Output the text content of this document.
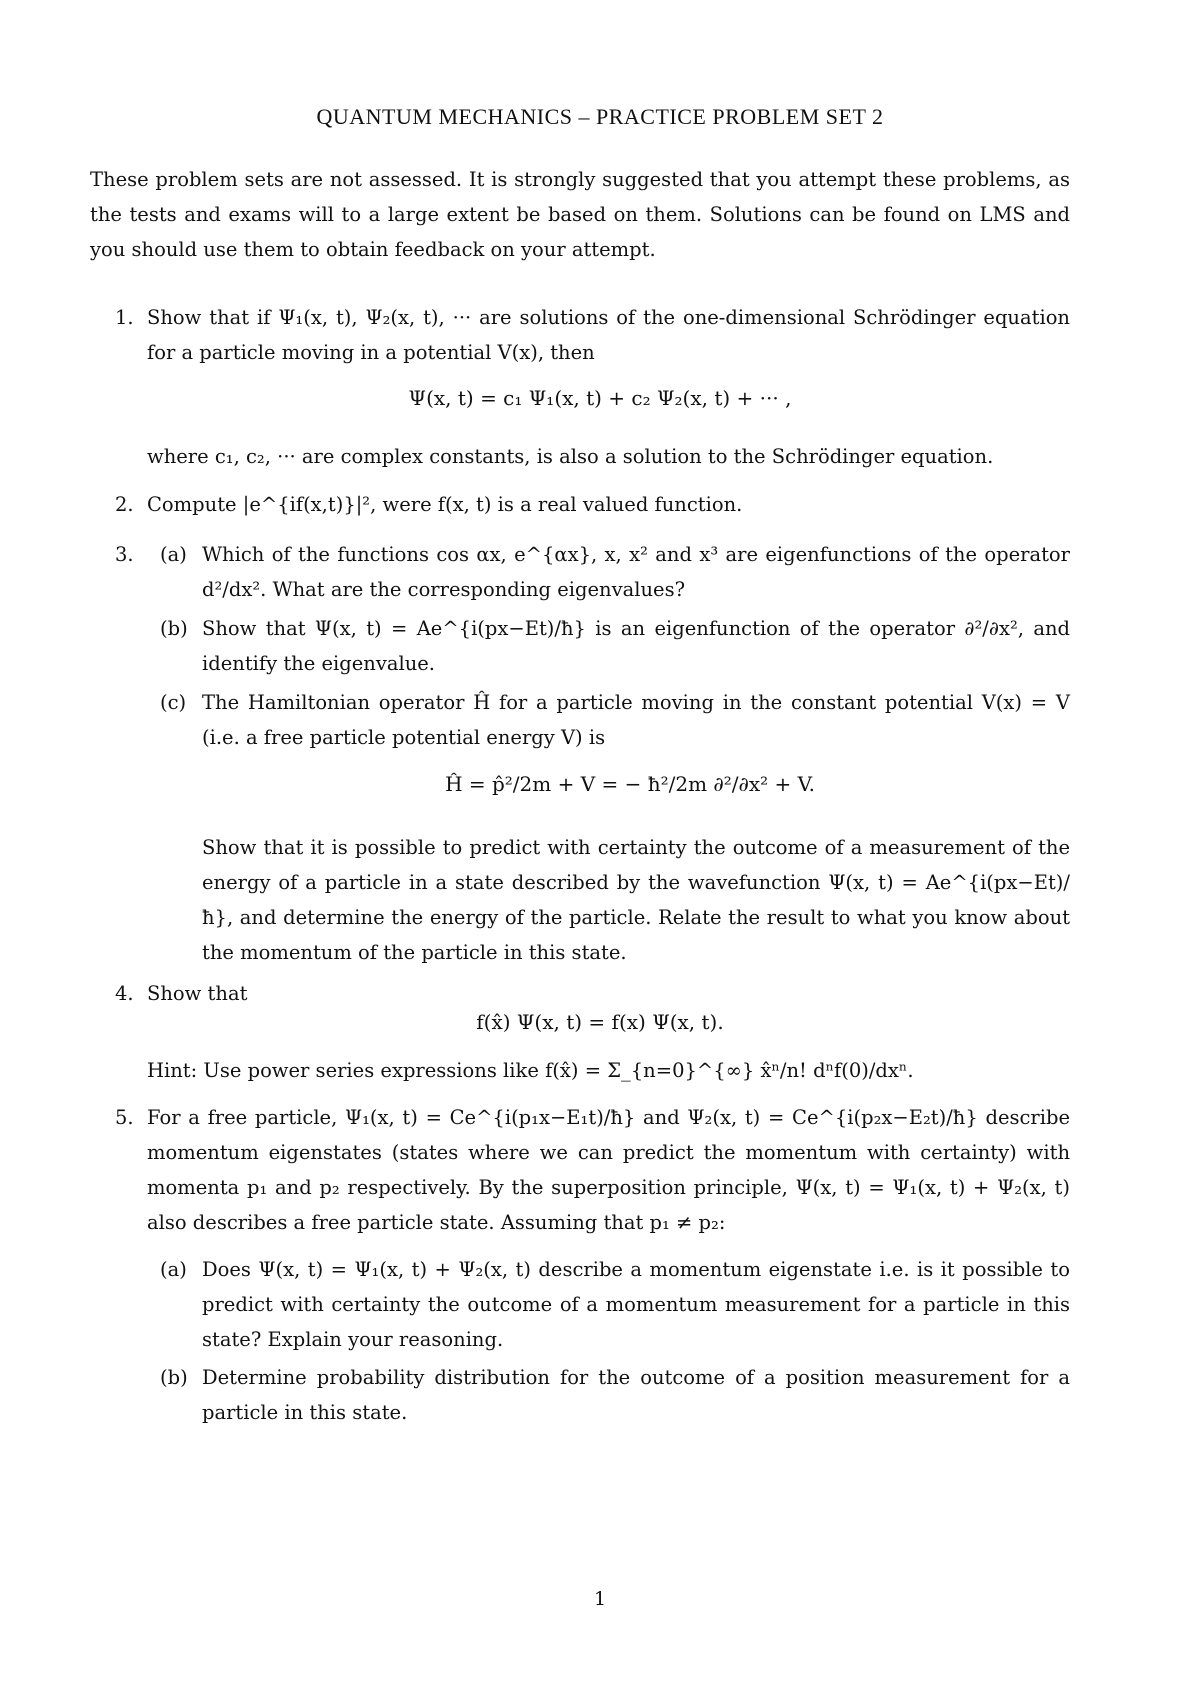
QUANTUM MECHANICS – PRACTICE PROBLEM SET 2
These problem sets are not assessed. It is strongly suggested that you attempt these problems, as the tests and exams will to a large extent be based on them. Solutions can be found on LMS and you should use them to obtain feedback on your attempt.
1. Show that if Ψ₁(x, t), Ψ₂(x, t), ··· are solutions of the one-dimensional Schrödinger equation for a particle moving in a potential V(x), then
Ψ(x, t) = c₁ Ψ₁(x, t) + c₂ Ψ₂(x, t) + ··· ,
where c₁, c₂, ··· are complex constants, is also a solution to the Schrödinger equation.
2. Compute |e^{if(x,t)}|², were f(x, t) is a real valued function.
3. (a) Which of the functions cos αx, e^{αx}, x, x² and x³ are eigenfunctions of the operator d²/dx². What are the corresponding eigenvalues?
(b) Show that Ψ(x, t) = Ae^{i(px−Et)/ħ} is an eigenfunction of the operator ∂²/∂x², and identify the eigenvalue.
(c) The Hamiltonian operator Ĥ for a particle moving in the constant potential V(x) = V (i.e. a free particle potential energy V) is
Ĥ = p̂²/2m + V = − ħ²/2m ∂²/∂x² + V.
Show that it is possible to predict with certainty the outcome of a measurement of the energy of a particle in a state described by the wavefunction Ψ(x, t) = Ae^{i(px−Et)/ħ}, and determine the energy of the particle. Relate the result to what you know about the momentum of the particle in this state.
4. Show that
f(x̂) Ψ(x, t) = f(x) Ψ(x, t).
Hint: Use power series expressions like f(x̂) = Σ_{n=0}^{∞} x̂ⁿ/n! dⁿf(0)/dxⁿ.
5. For a free particle, Ψ₁(x, t) = Ce^{i(p₁x−E₁t)/ħ} and Ψ₂(x, t) = Ce^{i(p₂x−E₂t)/ħ} describe momentum eigenstates (states where we can predict the momentum with certainty) with momenta p₁ and p₂ respectively. By the superposition principle, Ψ(x, t) = Ψ₁(x, t) + Ψ₂(x, t) also describes a free particle state. Assuming that p₁ ≠ p₂:
(a) Does Ψ(x, t) = Ψ₁(x, t) + Ψ₂(x, t) describe a momentum eigenstate i.e. is it possible to predict with certainty the outcome of a momentum measurement for a particle in this state? Explain your reasoning.
(b) Determine probability distribution for the outcome of a position measurement for a particle in this state.
1
